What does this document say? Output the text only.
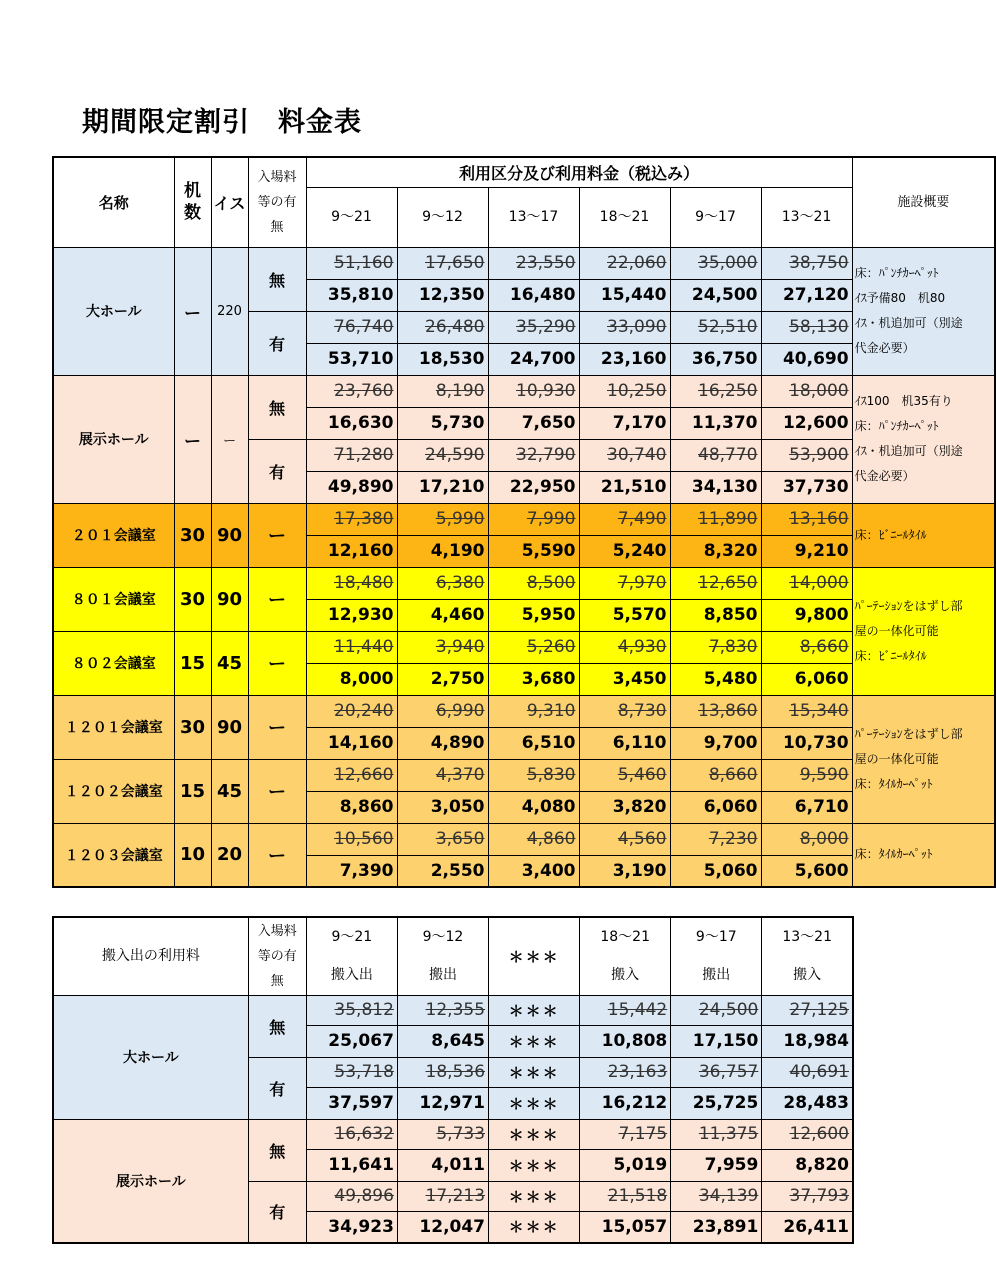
期間限定割引　料金表
名称	机数	イス	入場料等の有無	利用区分及び利用料金（税込み）						施設概要
				9～21	9～12	13～17	18～21	9～17	13～21	
大ホール	ー	220	無	51,160	17,650	23,550	22,060	35,000	38,750	床：ﾊﾟﾝﾁｶｰﾍﾟｯﾄ
ｲｽ予備80　机80
ｲｽ・机追加可（別途
代金必要）

				35,810	12,350	16,480	15,440	24,500	27,120	
			有	76,740	26,480	35,290	33,090	52,510	58,130	
				53,710	18,530	24,700	23,160	36,750	40,690	
展示ホール	ー	ー	無	23,760	8,190	10,930	10,250	16,250	18,000	ｲｽ100　机35有り
床：ﾊﾟﾝﾁｶｰﾍﾟｯﾄ
ｲｽ・机追加可（別途
代金必要）

				16,630	5,730	7,650	7,170	11,370	12,600	
			有	71,280	24,590	32,790	30,740	48,770	53,900	
				49,890	17,210	22,950	21,510	34,130	37,730	
２０１会議室	30	90	ー	17,380	5,990	7,990	7,490	11,890	13,160	床：ﾋﾞﾆｰﾙﾀｲﾙ
				12,160	4,190	5,590	5,240	8,320	9,210	
８０１会議室	30	90	ー	18,480	6,380	8,500	7,970	12,650	14,000	ﾊﾟｰﾃｰｼｮﾝをはずし部
屋の一体化可能
床：ﾋﾞﾆｰﾙﾀｲﾙ

				12,930	4,460	5,950	5,570	8,850	9,800	
８０２会議室	15	45	ー	11,440	3,940	5,260	4,930	7,830	8,660	
				8,000	2,750	3,680	3,450	5,480	6,060	
１２０１会議室	30	90	ー	20,240	6,990	9,310	8,730	13,860	15,340	ﾊﾟｰﾃｰｼｮﾝをはずし部
屋の一体化可能
床：ﾀｲﾙｶｰﾍﾟｯﾄ

				14,160	4,890	6,510	6,110	9,700	10,730	
１２０２会議室	15	45	ー	12,660	4,370	5,830	5,460	8,660	9,590	
				8,860	3,050	4,080	3,820	6,060	6,710	
１２０３会議室	10	20	ー	10,560	3,650	4,860	4,560	7,230	8,000	床：ﾀｲﾙｶｰﾍﾟｯﾄ
				7,390	2,550	3,400	3,190	5,060	5,600	
搬入出の利用料	入場料等の有無	9～21	9～12	＊＊＊	18～21	9～17	13～21
		搬入出	搬出		搬入	搬出	搬入
大ホール	無	35,812	12,355	＊＊＊	15,442	24,500	27,125
		25,067	8,645	＊＊＊	10,808	17,150	18,984
	有	53,718	18,536	＊＊＊	23,163	36,757	40,691
		37,597	12,971	＊＊＊	16,212	25,725	28,483
展示ホール	無	16,632	5,733	＊＊＊	7,175	11,375	12,600
		11,641	4,011	＊＊＊	5,019	7,959	8,820
	有	49,896	17,213	＊＊＊	21,518	34,139	37,793
		34,923	12,047	＊＊＊	15,057	23,891	26,411
